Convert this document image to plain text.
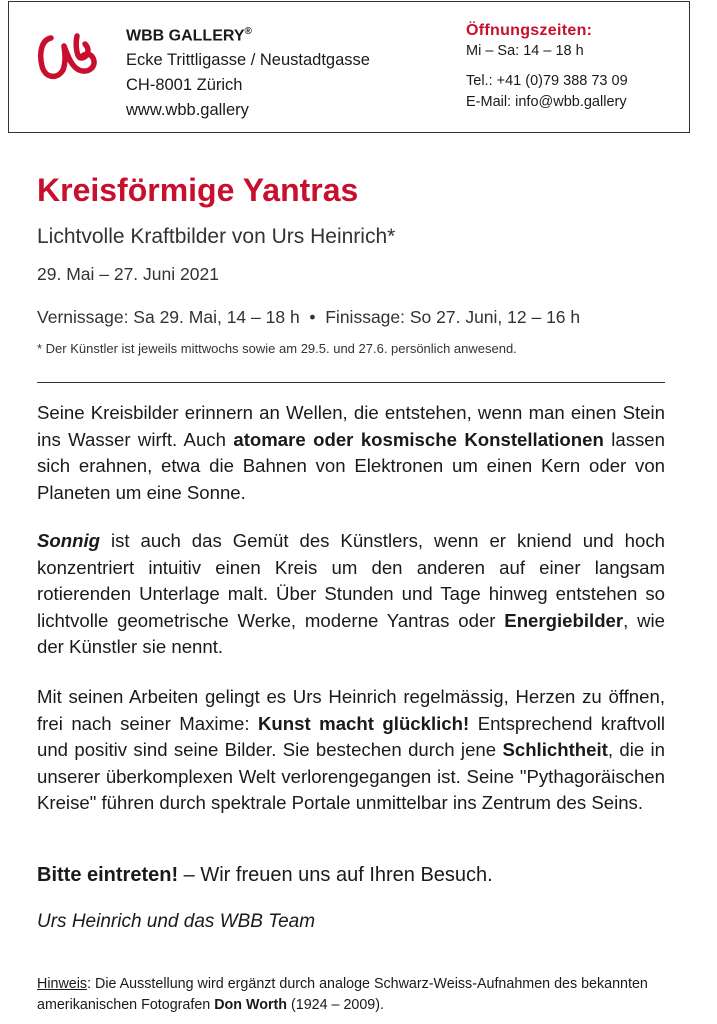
WBB GALLERY®
Ecke Trittligasse / Neustadtgasse
CH-8001 Zürich
www.wbb.gallery
Öffnungszeiten:
Mi – Sa: 14 – 18 h
Tel.: +41 (0)79 388 73 09
E-Mail: info@wbb.gallery
Kreisförmige Yantras
Lichtvolle Kraftbilder von Urs Heinrich*
29. Mai – 27. Juni 2021
Vernissage: Sa 29. Mai, 14 – 18 h  •  Finissage: So 27. Juni, 12 – 16 h
* Der Künstler ist jeweils mittwochs sowie am 29.5. und 27.6. persönlich anwesend.

Seine Kreisbilder erinnern an Wellen, die entstehen, wenn man einen Stein ins Wasser wirft. Auch atomare oder kosmische Konstellationen lassen sich erahnen, etwa die Bahnen von Elektronen um einen Kern oder von Planeten um eine Sonne.

Sonnig ist auch das Gemüt des Künstlers, wenn er kniend und hoch konzentriert intuitiv einen Kreis um den anderen auf einer langsam rotierenden Unterlage malt. Über Stunden und Tage hinweg entstehen so lichtvolle geometrische Werke, moderne Yantras oder Energiebilder, wie der Künstler sie nennt.

Mit seinen Arbeiten gelingt es Urs Heinrich regelmässig, Herzen zu öffnen, frei nach seiner Maxime: Kunst macht glücklich! Entsprechend kraftvoll und positiv sind seine Bilder. Sie bestechen durch jene Schlichtheit, die in unserer überkomplexen Welt verlorengegangen ist. Seine "Pythagoräischen Kreise" führen durch spektrale Portale unmittelbar ins Zentrum des Seins.

Bitte eintreten! – Wir freuen uns auf Ihren Besuch.
Urs Heinrich und das WBB Team
Hinweis: Die Ausstellung wird ergänzt durch analoge Schwarz-Weiss-Aufnahmen des bekannten amerikanischen Fotografen Don Worth (1924 – 2009).
